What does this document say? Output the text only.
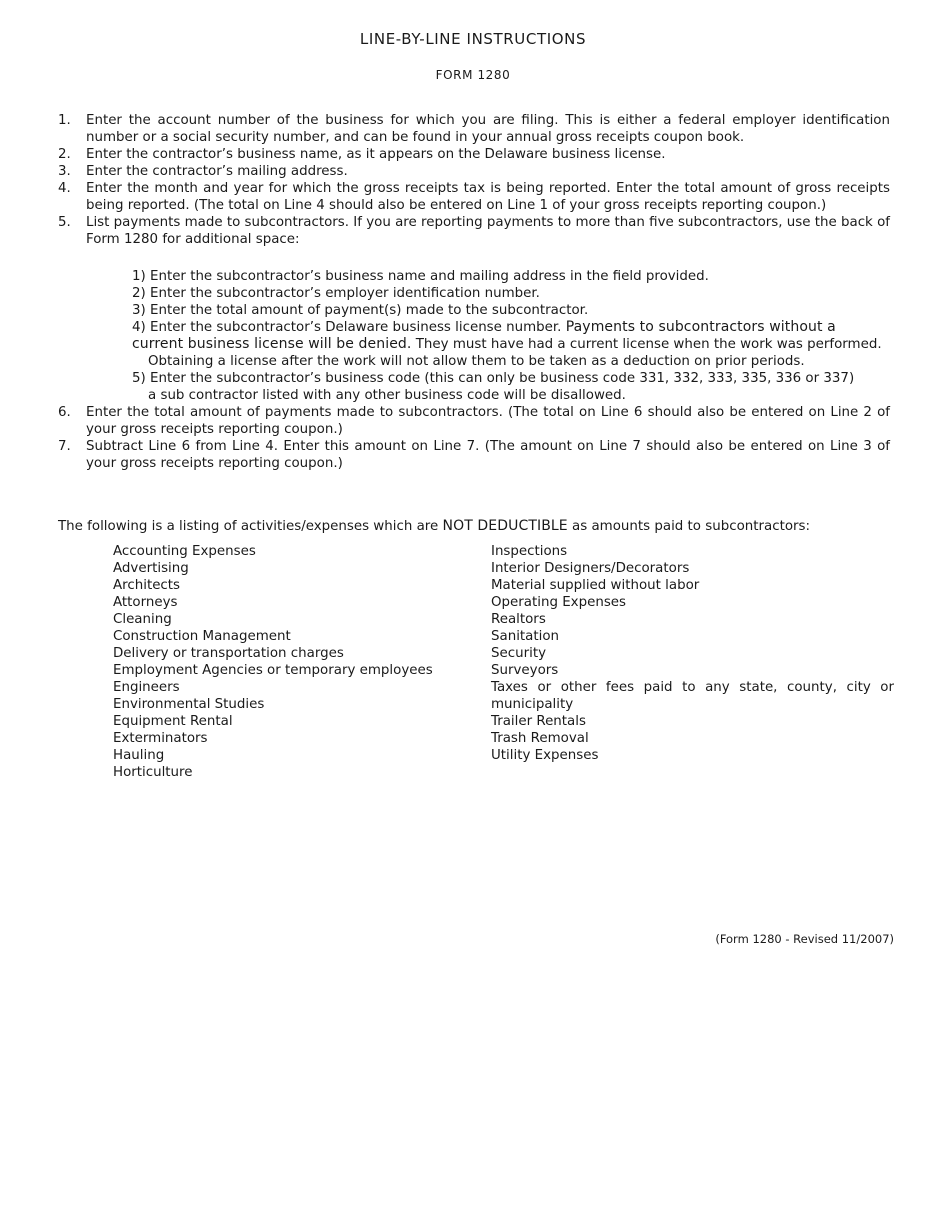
LINE-BY-LINE INSTRUCTIONS
FORM 1280
1. Enter the account number of the business for which you are filing. This is either a federal employer identification number or a social security number, and can be found in your annual gross receipts coupon book.
2. Enter the contractor’s business name, as it appears on the Delaware business license.
3. Enter the contractor’s mailing address.
4. Enter the month and year for which the gross receipts tax is being reported. Enter the total amount of gross receipts being reported. (The total on Line 4 should also be entered on Line 1 of your gross receipts reporting coupon.)
5. List payments made to subcontractors. If you are reporting payments to more than five subcontractors, use the back of Form 1280 for additional space:
1) Enter the subcontractor’s business name and mailing address in the field provided.
2) Enter the subcontractor’s employer identification number.
3) Enter the total amount of payment(s) made to the subcontractor.
4) Enter the subcontractor’s Delaware business license number. Payments to subcontractors without a current business license will be denied. They must have had a current license when the work was performed.
Obtaining a license after the work will not allow them to be taken as a deduction on prior periods.
5) Enter the subcontractor’s business code (this can only be business code 331, 332, 333, 335, 336 or 337)
a sub contractor listed with any other business code will be disallowed.
6. Enter the total amount of payments made to subcontractors. (The total on Line 6 should also be entered on Line 2 of your gross receipts reporting coupon.)
7. Subtract Line 6 from Line 4. Enter this amount on Line 7. (The amount on Line 7 should also be entered on Line 3 of your gross receipts reporting coupon.)
The following is a listing of activities/expenses which are NOT DEDUCTIBLE as amounts paid to subcontractors:
Accounting Expenses
Advertising
Architects
Attorneys
Cleaning
Construction Management
Delivery or transportation charges
Employment Agencies or temporary employees
Engineers
Environmental Studies
Equipment Rental
Exterminators
Hauling
Horticulture
Inspections
Interior Designers/Decorators
Material supplied without labor
Operating Expenses
Realtors
Sanitation
Security
Surveyors
Taxes or other fees paid to any state, county, city or municipality
Trailer Rentals
Trash Removal
Utility Expenses
(Form 1280 - Revised 11/2007)
